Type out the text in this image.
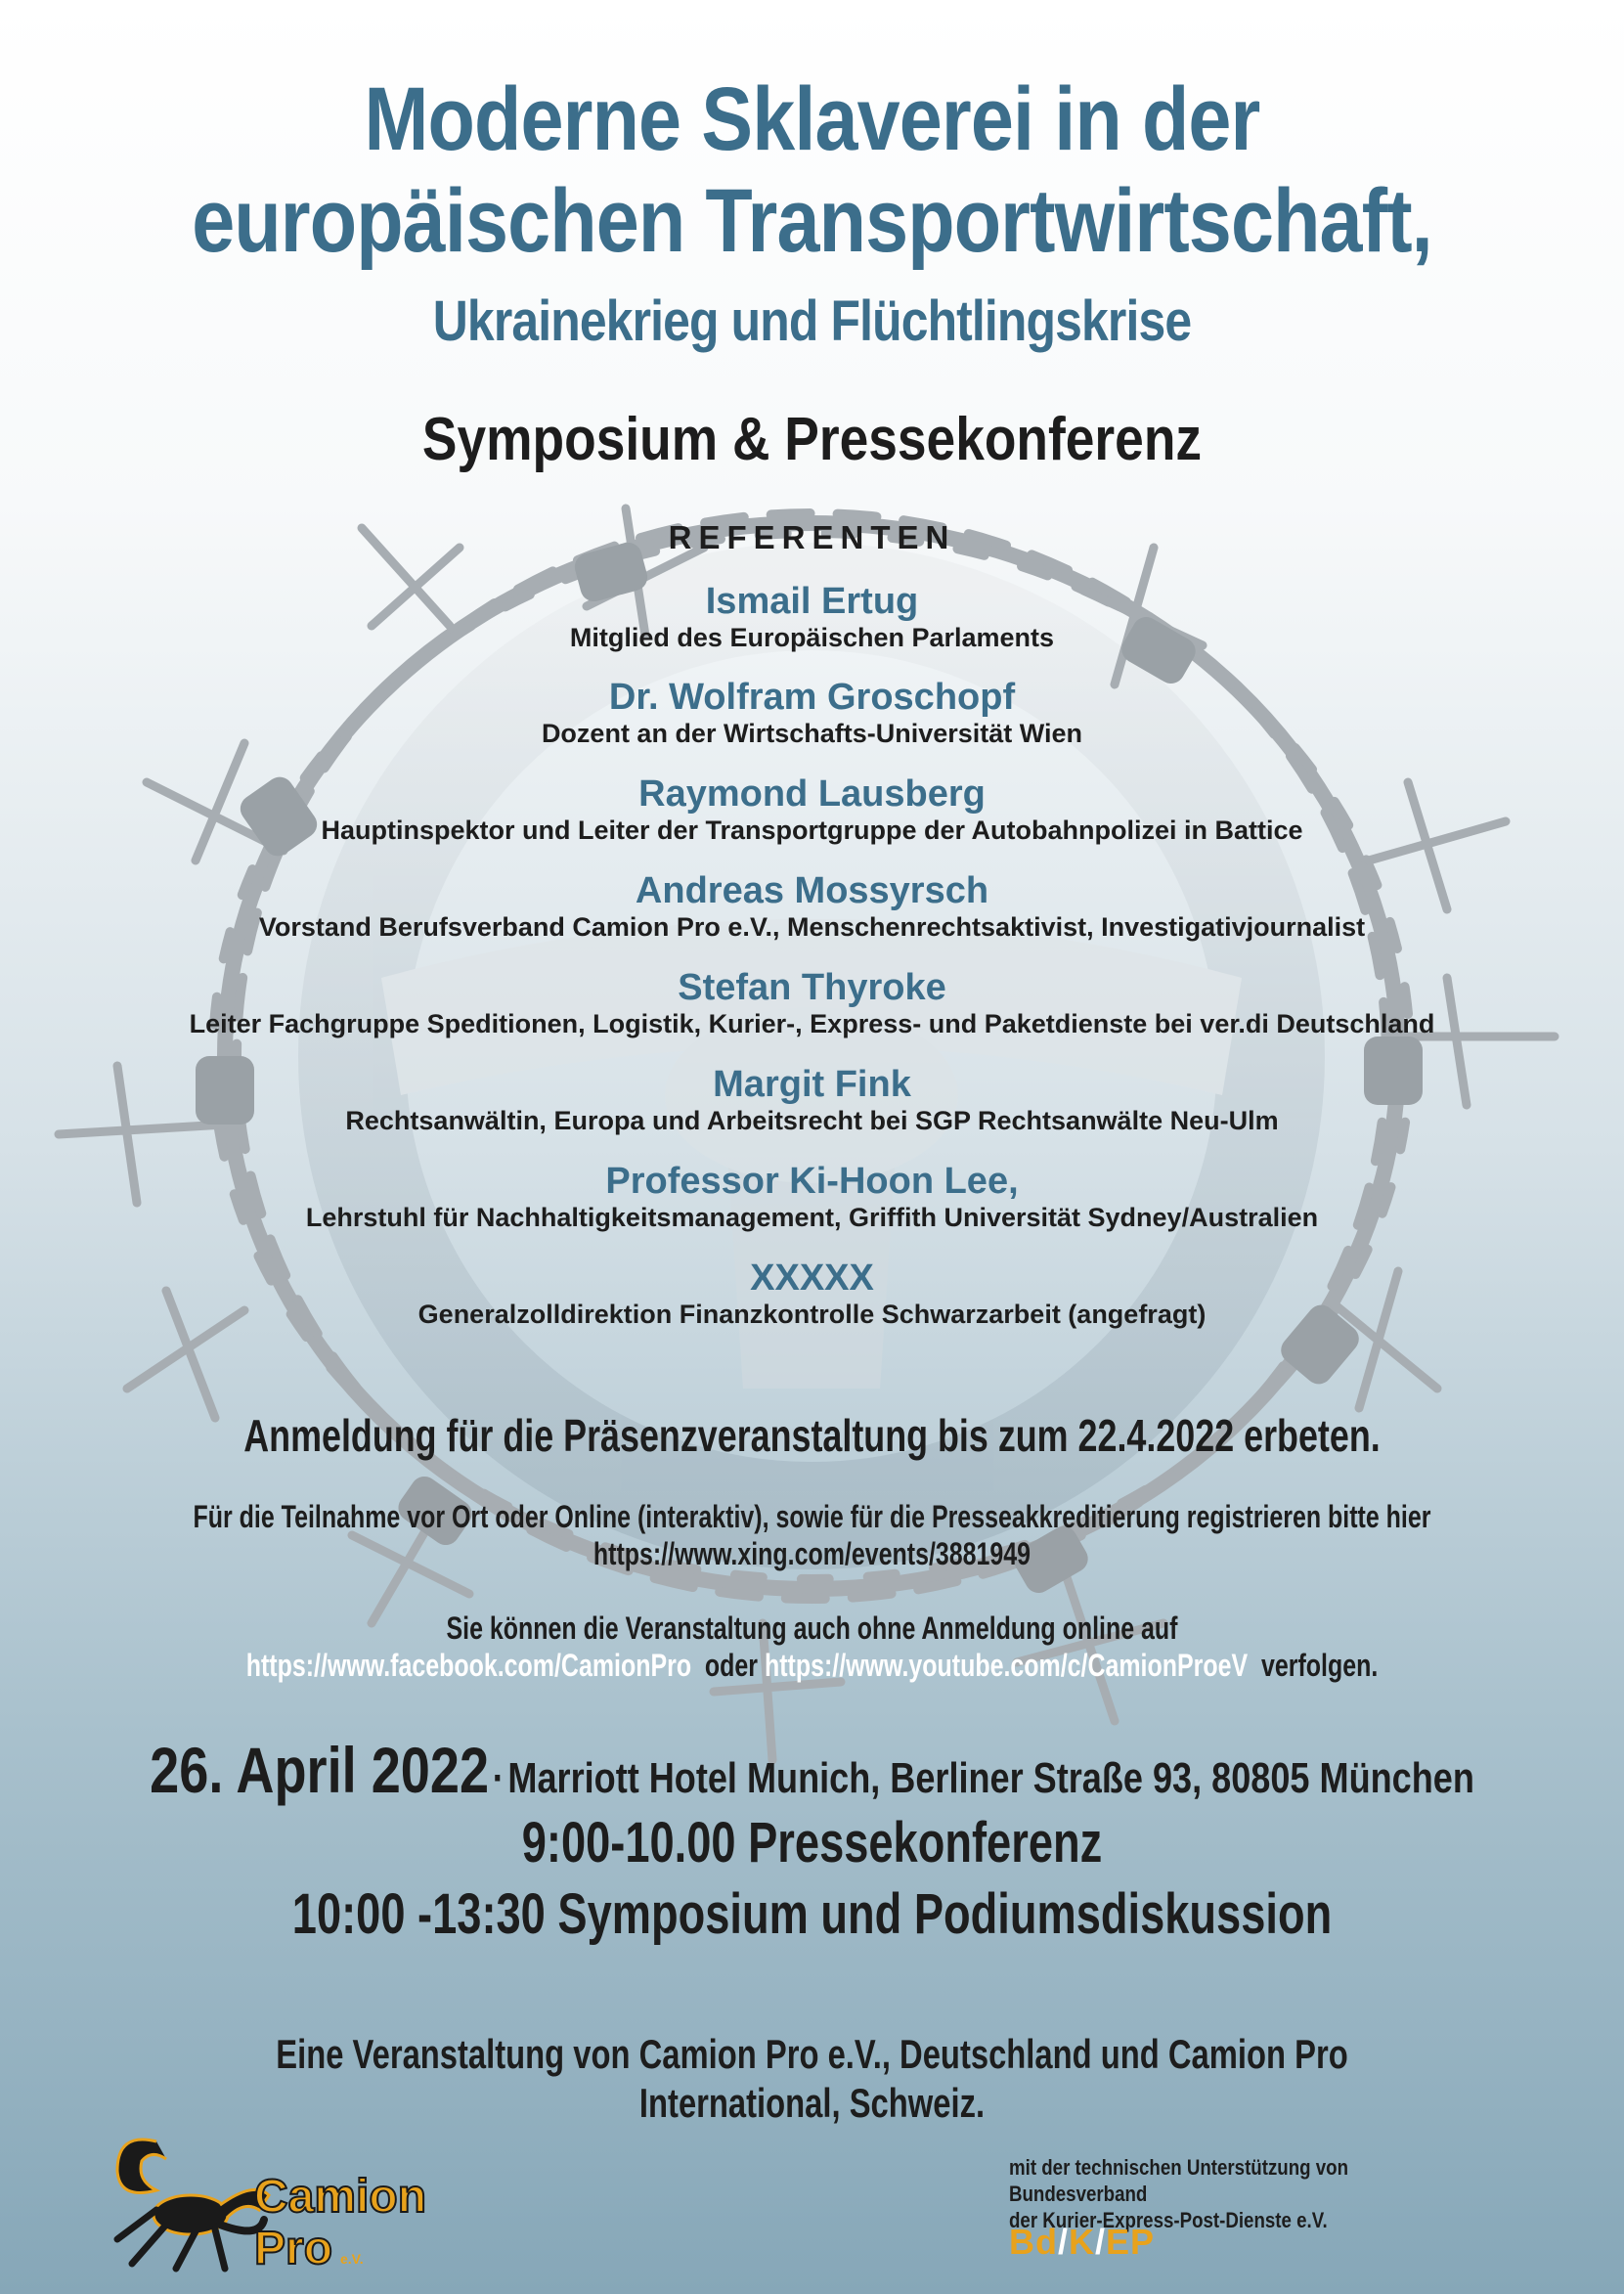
Moderne Sklaverei in der
europäischen Transportwirtschaft,
Ukrainekrieg und Flüchtlingskrise
Symposium & Pressekonferenz
REFERENTEN
Ismail Ertug
Mitglied des Europäischen Parlaments
Dr. Wolfram Groschopf
Dozent an der Wirtschafts-Universität Wien
Raymond Lausberg
Hauptinspektor und Leiter der Transportgruppe der Autobahnpolizei in Battice
Andreas Mossyrsch
Vorstand Berufsverband Camion Pro e.V., Menschenrechtsaktivist, Investigativjournalist
Stefan Thyroke
Leiter Fachgruppe Speditionen, Logistik, Kurier-, Express- und Paketdienste bei ver.di Deutschland
Margit Fink
Rechtsanwältin, Europa und Arbeitsrecht bei SGP Rechtsanwälte Neu-Ulm
Professor Ki-Hoon Lee,
Lehrstuhl für Nachhaltigkeitsmanagement, Griffith Universität Sydney/Australien
XXXXX
Generalzolldirektion Finanzkontrolle Schwarzarbeit (angefragt)
Anmeldung für die Präsenzveranstaltung bis zum 22.4.2022 erbeten.
Für die Teilnahme vor Ort oder Online (interaktiv), sowie für die Presseakkreditierung registrieren bitte hier
https://www.xing.com/events/3881949
Sie können die Veranstaltung auch ohne Anmeldung online auf
https://www.facebook.com/CamionPro oder https://www.youtube.com/c/CamionProeV verfolgen.
26. April 2022 · Marriott Hotel Munich, Berliner Straße 93, 80805 München
9:00-10.00 Pressekonferenz
10:00 -13:30 Symposium und Podiumsdiskussion
Eine Veranstaltung von Camion Pro e.V., Deutschland und Camion Pro International, Schweiz.
Camion
Pro e.V.
mit der technischen Unterstützung von Bundesverband
der Kurier-Express-Post-Dienste e.V.
Bd/K/EP
